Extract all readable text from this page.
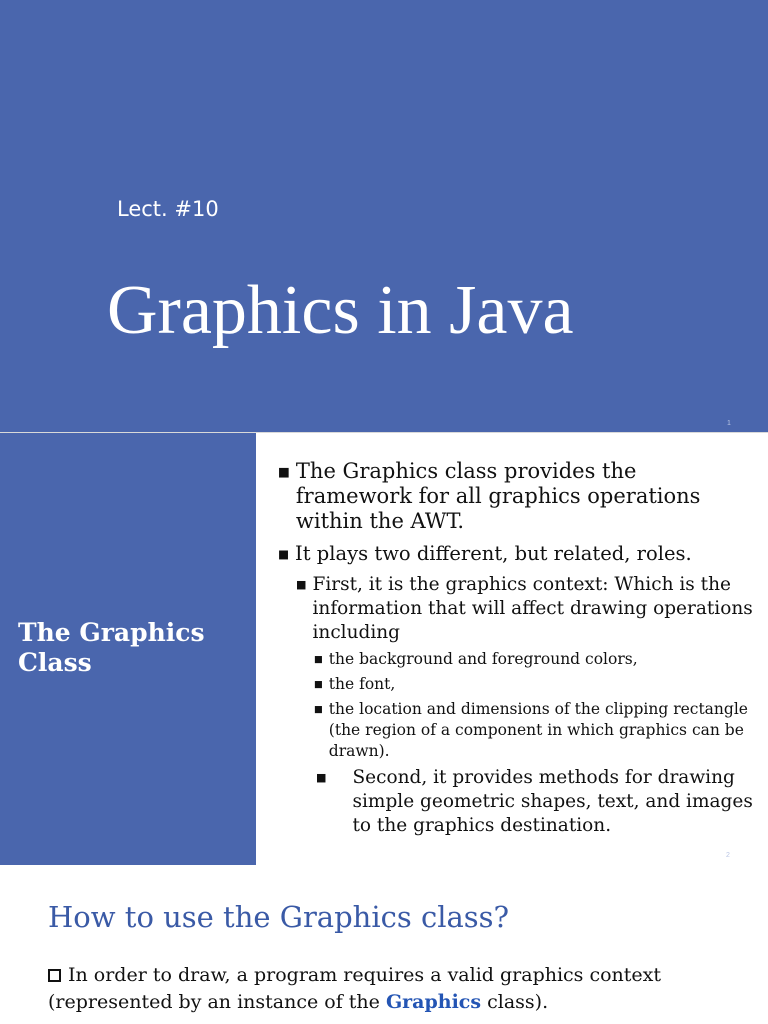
Lect. #10
Graphics in Java
1
The Graphics Class
■ The Graphics class provides the framework for all graphics operations within the AWT.
■ It plays two different, but related, roles.
■ First, it is the graphics context: Which is the information that will affect drawing operations including
■ the background and foreground colors,
■ the font,
■ the location and dimensions of the clipping rectangle (the region of a component in which graphics can be drawn).
■ Second, it provides methods for drawing simple geometric shapes, text, and images to the graphics destination.
2
How to use the Graphics class?
In order to draw, a program requires a valid graphics context
(represented by an instance of the Graphics class).
